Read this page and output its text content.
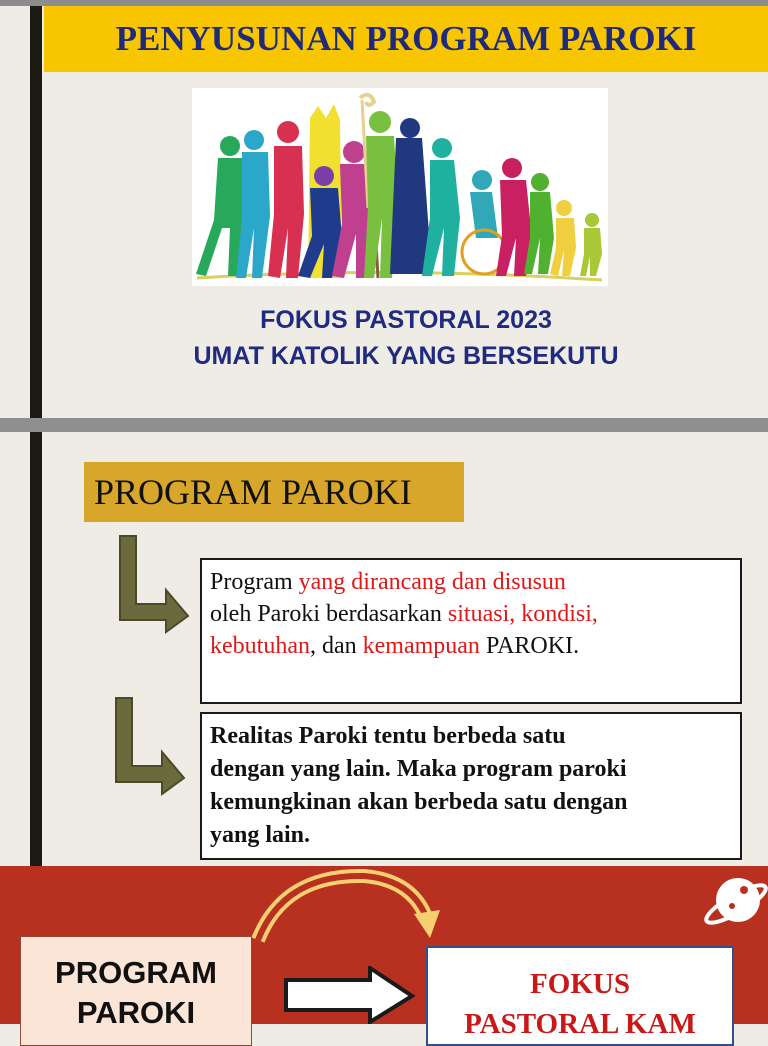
PENYUSUNAN PROGRAM PAROKI
FOKUS PASTORAL 2023
UMAT KATOLIK YANG BERSEKUTU
PROGRAM PAROKI
Program yang dirancang dan disusun
oleh Paroki berdasarkan situasi, kondisi,
kebutuhan, dan kemampuan PAROKI.
Realitas Paroki tentu berbeda satu
dengan yang lain. Maka program paroki
kemungkinan akan berbeda satu dengan
yang lain.
PROGRAM
PAROKI
FOKUS
PASTORAL KAM
